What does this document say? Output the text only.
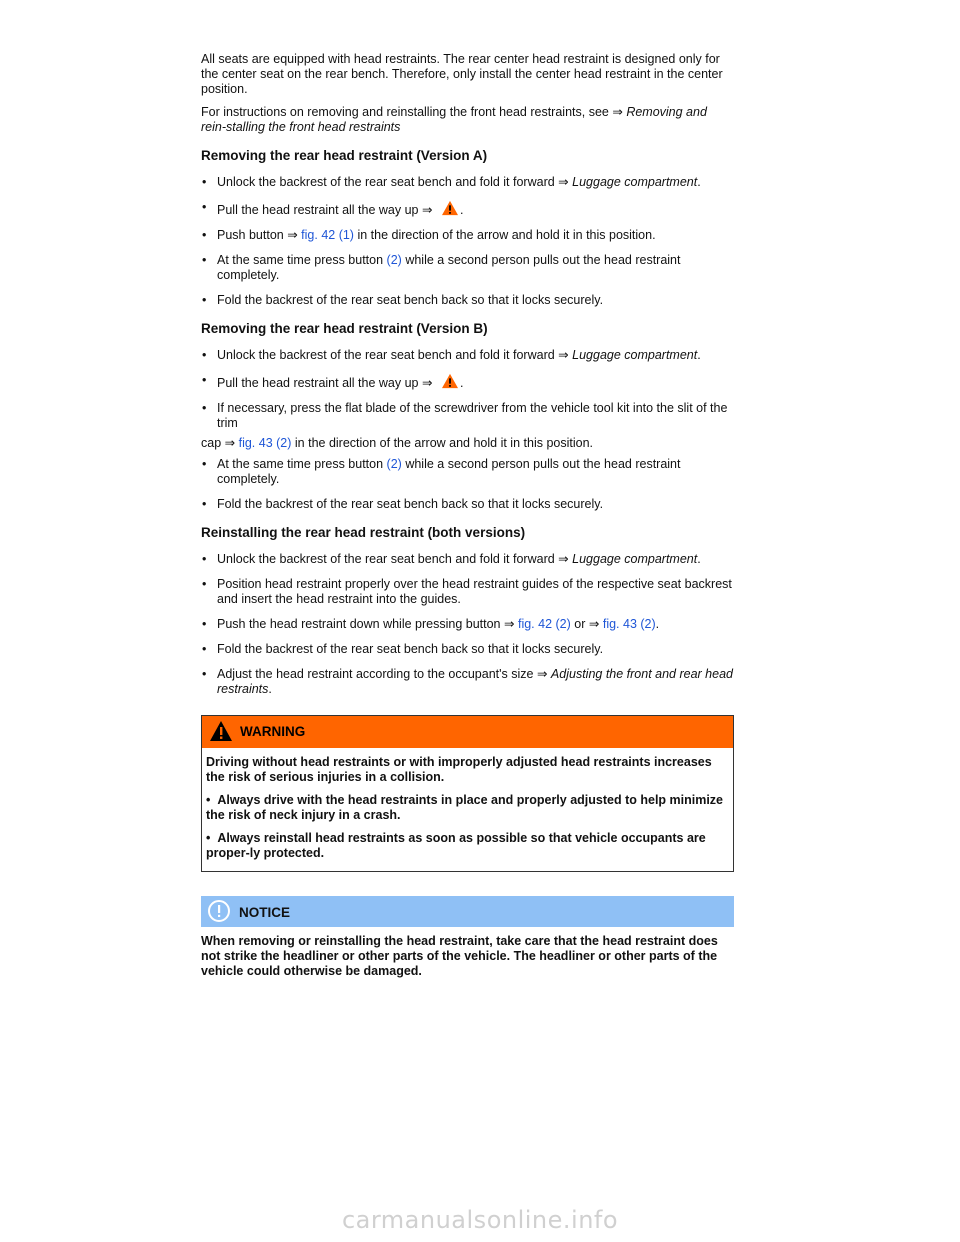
All seats are equipped with head restraints. The rear center head restraint is designed only for the center seat on the rear bench. Therefore, only install the center head restraint in the center position.

For instructions on removing and reinstalling the front head restraints, see ⇒ Removing and rein-stalling the front head restraints

Removing the rear head restraint (Version A)
• Unlock the backrest of the rear seat bench and fold it forward ⇒ Luggage compartment.
• Pull the head restraint all the way up ⇒ .
• Push button ⇒ fig. 42 (1) in the direction of the arrow and hold it in this position.
• At the same time press button (2) while a second person pulls out the head restraint completely.
• Fold the backrest of the rear seat bench back so that it locks securely.
Removing the rear head restraint (Version B)
• Unlock the backrest of the rear seat bench and fold it forward ⇒ Luggage compartment.
• Pull the head restraint all the way up ⇒ .
• If necessary, press the flat blade of the screwdriver from the vehicle tool kit into the slit of the trim

cap ⇒ fig. 43 (2) in the direction of the arrow and hold it in this position.

• At the same time press button (2) while a second person pulls out the head restraint completely.
• Fold the backrest of the rear seat bench back so that it locks securely.
Reinstalling the rear head restraint (both versions)
• Unlock the backrest of the rear seat bench and fold it forward ⇒ Luggage compartment.
• Position head restraint properly over the head restraint guides of the respective seat backrest and insert the head restraint into the guides.
• Push the head restraint down while pressing button ⇒ fig. 42 (2) or ⇒ fig. 43 (2).
• Fold the backrest of the rear seat bench back so that it locks securely.
• Adjust the head restraint according to the occupant's size ⇒ Adjusting the front and rear head restraints.
WARNING

Driving without head restraints or with improperly adjusted head restraints increases the risk of serious injuries in a collision.

•  Always drive with the head restraints in place and properly adjusted to help minimize the risk of neck injury in a crash.

•  Always reinstall head restraints as soon as possible so that vehicle occupants are proper-ly protected.

NOTICE

When removing or reinstalling the head restraint, take care that the head restraint does not strike the headliner or other parts of the vehicle. The headliner or other parts of the vehicle could otherwise be damaged.

carmanualsonline.info
